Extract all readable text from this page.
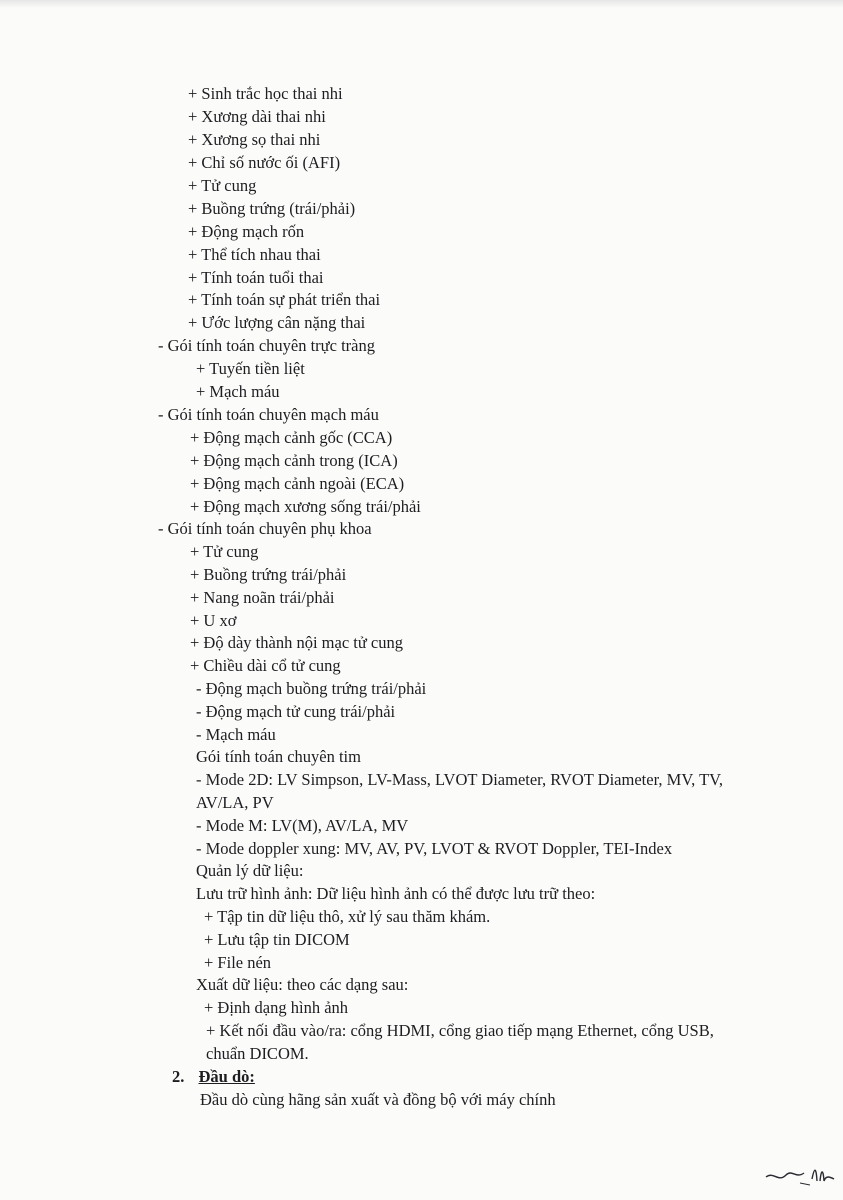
+ Sinh trắc học thai nhi
+ Xương dài thai nhi
+ Xương sọ thai nhi
+ Chỉ số nước ối (AFI)
+ Tử cung
+ Buồng trứng (trái/phải)
+ Động mạch rốn
+ Thể tích nhau thai
+ Tính toán tuổi thai
+ Tính toán sự phát triển thai
+ Ước lượng cân nặng thai
- Gói tính toán chuyên trực tràng
+ Tuyến tiền liệt
+ Mạch máu
- Gói tính toán chuyên mạch máu
+ Động mạch cảnh gốc (CCA)
+ Động mạch cảnh trong (ICA)
+ Động mạch cảnh ngoài (ECA)
+ Động mạch xương sống trái/phải
- Gói tính toán chuyên phụ khoa
+ Tử cung
+ Buồng trứng trái/phải
+ Nang noãn trái/phải
+ U xơ
+ Độ dày thành nội mạc tử cung
+ Chiều dài cổ tử cung
- Động mạch buồng trứng trái/phải
- Động mạch tử cung trái/phải
- Mạch máu
Gói tính toán chuyên tim
- Mode 2D: LV Simpson, LV-Mass, LVOT Diameter, RVOT Diameter, MV, TV,
AV/LA, PV
- Mode M: LV(M), AV/LA, MV
- Mode doppler xung: MV, AV, PV, LVOT & RVOT Doppler, TEI-Index
Quản lý dữ liệu:
Lưu trữ hình ảnh: Dữ liệu hình ảnh có thể được lưu trữ theo:
+ Tập tin dữ liệu thô, xử lý sau thăm khám.
+ Lưu tập tin DICOM
+ File nén
Xuất dữ liệu: theo các dạng sau:
+ Định dạng hình ảnh
+ Kết nối đầu vào/ra: cổng HDMI, cổng giao tiếp mạng Ethernet, cổng USB,
chuẩn DICOM.
2. Đầu dò:
Đầu dò cùng hãng sản xuất và đồng bộ với máy chính
